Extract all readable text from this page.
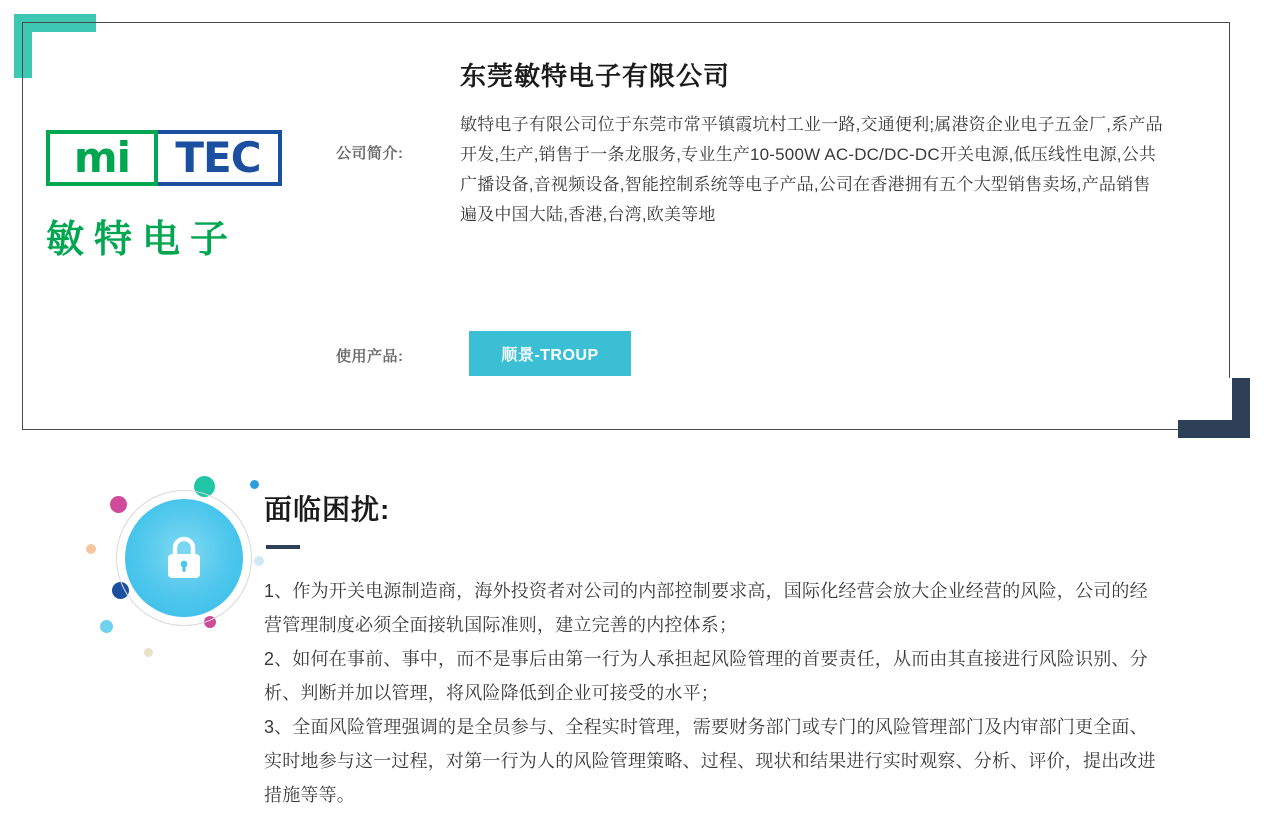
mi	TEC
敏特电子
东莞敏特电子有限公司
公司简介:
敏特电子有限公司位于东莞市常平镇霞坑村工业一路,交通便利;属港资企业电子五金厂,系产品开发,生产,销售于一条龙服务,专业生产10-500W AC-DC/DC-DC开关电源,低压线性电源,公共广播设备,音视频设备,智能控制系统等电子产品,公司在香港拥有五个大型销售卖场,产品销售遍及中国大陆,香港,台湾,欧美等地
使用产品:	顺景-TROUP
面临困扰:

1、作为开关电源制造商，海外投资者对公司的内部控制要求高，国际化经营会放大企业经营的风险，公司的经营管理制度必须全面接轨国际准则，建立完善的内控体系；

2、如何在事前、事中，而不是事后由第一行为人承担起风险管理的首要责任，从而由其直接进行风险识别、分析、判断并加以管理，将风险降低到企业可接受的水平；

3、全面风险管理强调的是全员参与、全程实时管理，需要财务部门或专门的风险管理部门及内审部门更全面、实时地参与这一过程，对第一行为人的风险管理策略、过程、现状和结果进行实时观察、分析、评价，提出改进措施等等。
